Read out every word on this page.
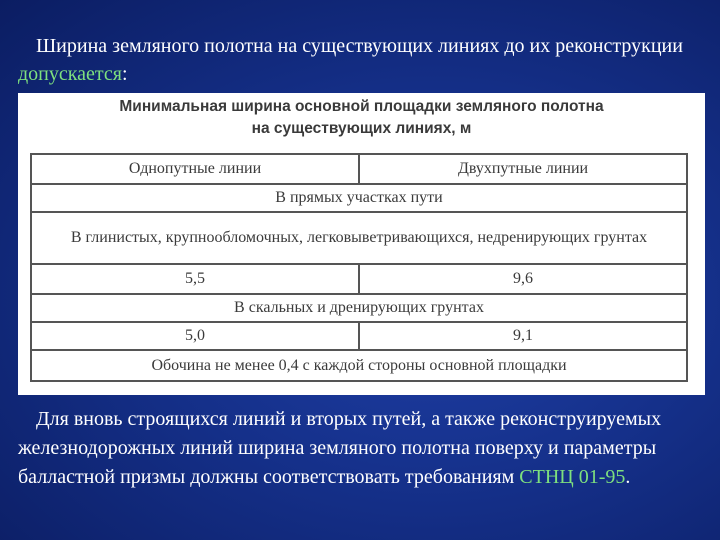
Ширина земляного полотна на существующих линиях до их реконструкции допускается:
Минимальная ширина основной площадки земляного полотна
на существующих линиях, м
Однопутные линии	Двухпутные линии
В прямых участках пути	
В глинистых, крупнообломочных, легковыветривающихся, недренирующих грунтах	
5,5	9,6
В скальных и дренирующих грунтах	
5,0	9,1
Обочина не менее 0,4 с каждой стороны основной площадки	
Для вновь строящихся линий и вторых путей, а также реконструируемых железнодорожных линий ширина земляного полотна поверху и параметры балластной призмы должны соответствовать требованиям СТНЦ 01-95.
